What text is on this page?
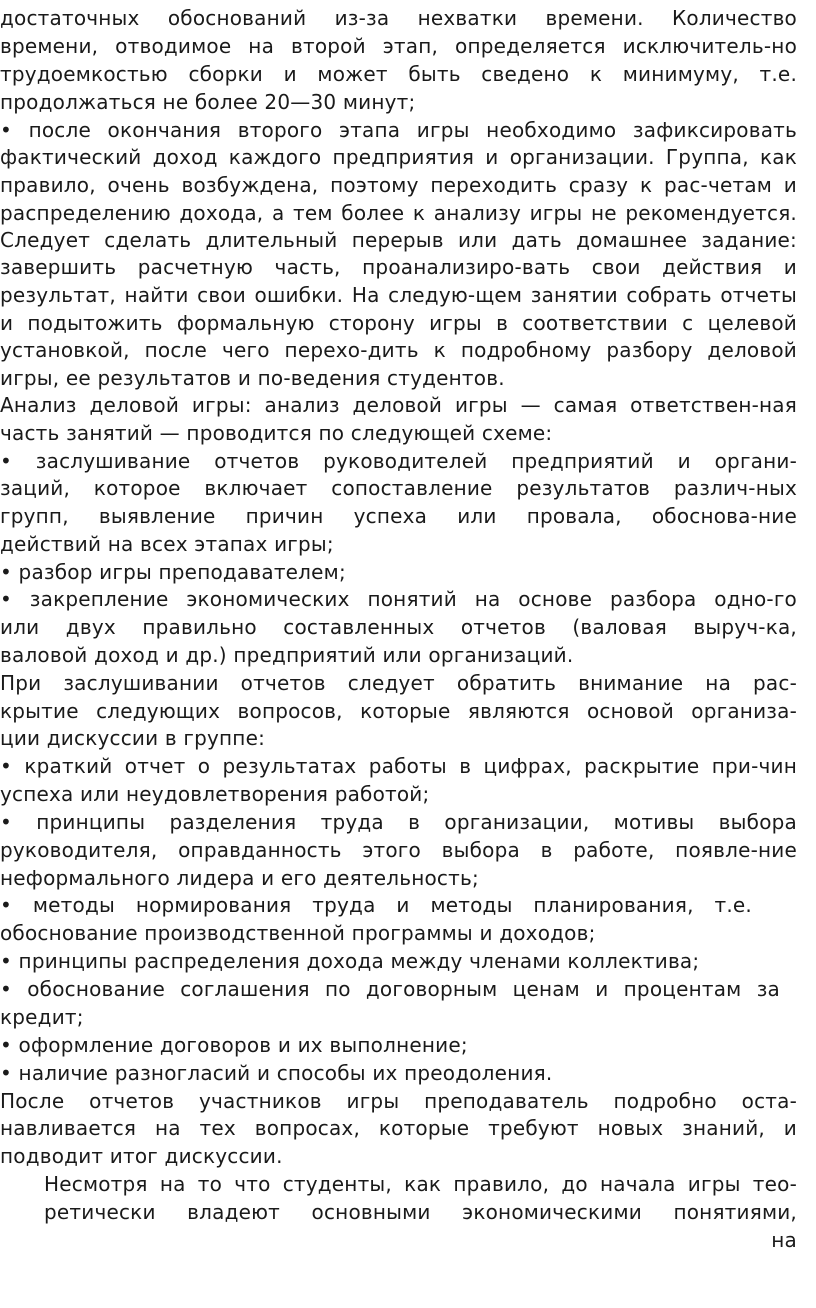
достаточных обоснований из-за нехватки времени. Количество
времени, отводимое на второй этап, определяется исключитель-но
трудоемкостью сборки и может быть сведено к минимуму, т.е.
продолжаться не более 20—30 минут;
• после окончания второго этапа игры необходимо зафиксировать
фактический доход каждого предприятия и организации. Группа, как
правило, очень возбуждена, поэтому переходить сразу к рас-четам и
распределению дохода, а тем более к анализу игры не рекомендуется.
Следует сделать длительный перерыв или дать домашнее задание:
завершить расчетную часть, проанализиро-вать свои действия и
результат, найти свои ошибки. На следую-щем занятии собрать отчеты
и подытожить формальную сторону игры в соответствии с целевой
установкой, после чего перехо-дить к подробному разбору деловой
игры, ее результатов и по-ведения студентов.
Анализ деловой игры: анализ деловой игры — самая ответствен-ная
часть занятий — проводится по следующей схеме:
• заслушивание отчетов руководителей предприятий и органи-
заций, которое включает сопоставление результатов различ-ных
групп, выявление причин успеха или провала, обоснова-ние
действий на всех этапах игры;
• разбор игры преподавателем;
• закрепление экономических понятий на основе разбора одно-го
или двух правильно составленных отчетов (валовая выруч-ка,
валовой доход и др.) предприятий или организаций.
При заслушивании отчетов следует обратить внимание на рас-
крытие следующих вопросов, которые являются основой организа-
ции дискуссии в группе:
• краткий отчет о результатах работы в цифрах, раскрытие при-чин
успеха или неудовлетворения работой;
• принципы разделения труда в организации, мотивы выбора
руководителя, оправданность этого выбора в работе, появле-ние
неформального лидера и его деятельность;
• методы нормирования труда и методы планирования, т.е.
обоснование производственной программы и доходов;
• принципы распределения дохода между членами коллектива;
• обоснование соглашения по договорным ценам и процентам за
кредит;
• оформление договоров и их выполнение;
• наличие разногласий и способы их преодоления.
После отчетов участников игры преподаватель подробно оста-
навливается на тех вопросах, которые требуют новых знаний, и
подводит итог дискуссии.
Несмотря на то что студенты, как правило, до начала игры тео-
ретически владеют основными экономическими понятиями,
на
